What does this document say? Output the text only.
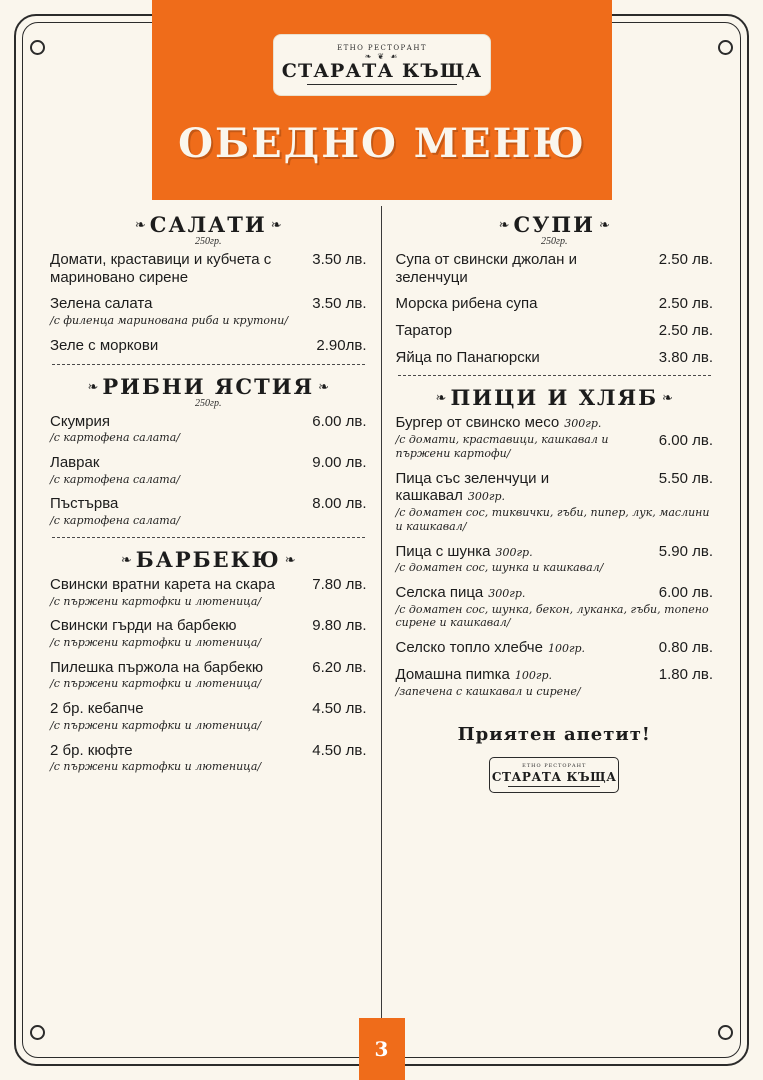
ЕТНО РЕСТОРАНТ
❧ ❦ ☙
СТАРАТА КЪЩА
ОБЕДНО МЕНЮ
❧ САЛАТИ ❧
250гр.
Домати, краставици и кубчета с маринованo сирене
3.50 лв.
Зелена салата	3.50 лв.
/с филенца маринована риба и крутони/
Зеле с моркови	2.90лв.
❧ РИБНИ ЯСТИЯ ❧
250гр.
Скумрия	6.00 лв.
/с картофена салата/
Лаврак	9.00 лв.
/с картофена салата/
Пъстърва	8.00 лв.
/с картофена салата/
❧ БАРБЕКЮ ❧
Свински вратни карета на скара	7.80 лв.
/с пържени картофки и лютеница/
Свински гърди на барбекю	9.80 лв.
/с пържени картофки и лютеница/
Пилешка пържола на барбекю	6.20 лв.
/с пържени картофки и лютеница/
2 бр. кебапче	4.50 лв.
/с пържени картофки и лютеница/
2 бр. кюфте	4.50 лв.
/с пържени картофки и лютеница/
❧ СУПИ ❧
250гр.
Супа от свински джолан и зеленчуци
2.50 лв.
Морска рибена супа	2.50 лв.
Таратор	2.50 лв.
Яйца по Панагюрски	3.80 лв.
❧ ПИЦИ И ХЛЯБ ❧
Бургер от свинско месо 300гр.
/с домати, краставици, кашкавал и пържени картофи/
6.00 лв.
Пица със зеленчуци и кашкавал 300гр.
5.50 лв.
/с доматен сос, тиквички, гъби, пипер, лук, маслини и кашкавал/
Пица с шунка 300гр.	5.90 лв.
/с доматен сос, шунка и кашкавал/
Селска пица 300гр.	6.00 лв.
/с доматен сос, шунка, бекон, луканка, гъби, топено сирене и кашкавал/
Селско топло хлебче 100гр.	0.80 лв.
Домашна пиmка 100гр.	1.80 лв.
/запечена с кашкавал и сирене/
Приятен апетит!
ЕТНО РЕСТОРАНТ
СТАРАТА КЪЩА
3
